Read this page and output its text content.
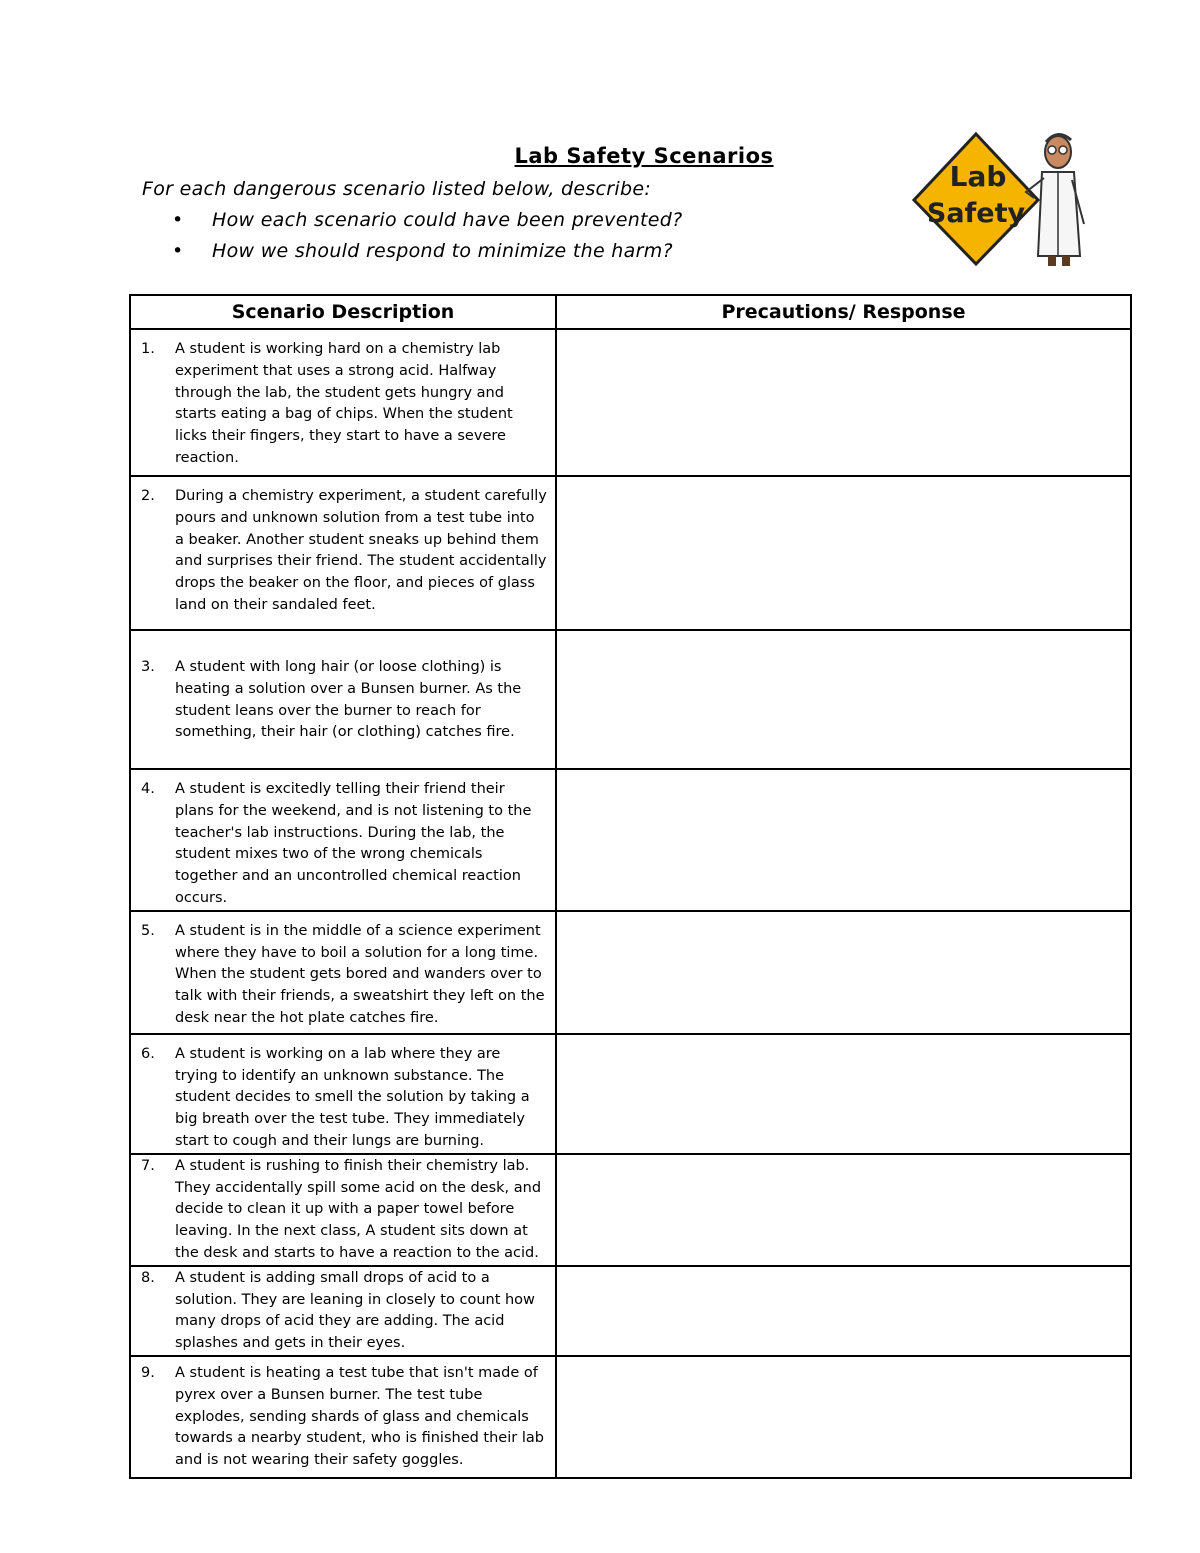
Lab Safety Scenarios
For each dangerous scenario listed below, describe:
• How each scenario could have been prevented?
• How we should respond to minimize the harm?
Lab
Safety
Scenario Description	Precautions/ Response

1. A student is working hard on a chemistry lab experiment that uses a strong acid. Halfway through the lab, the student gets hungry and starts eating a bag of chips. When the student licks their fingers, they start to have a severe reaction.	

2. During a chemistry experiment, a student carefully pours and unknown solution from a test tube into a beaker. Another student sneaks up behind them and surprises their friend. The student accidentally drops the beaker on the floor, and pieces of glass land on their sandaled feet.	

3. A student with long hair (or loose clothing) is heating a solution over a Bunsen burner. As the student leans over the burner to reach for something, their hair (or clothing) catches fire.	

4. A student is excitedly telling their friend their plans for the weekend, and is not listening to the teacher's lab instructions. During the lab, the student mixes two of the wrong chemicals together and an uncontrolled chemical reaction occurs.	

5. A student is in the middle of a science experiment where they have to boil a solution for a long time. When the student gets bored and wanders over to talk with their friends, a sweatshirt they left on the desk near the hot plate catches fire.	

6. A student is working on a lab where they are trying to identify an unknown substance. The student decides to smell the solution by taking a big breath over the test tube. They immediately start to cough and their lungs are burning.	

7. A student is rushing to finish their chemistry lab. They accidentally spill some acid on the desk, and decide to clean it up with a paper towel before leaving. In the next class, A student sits down at the desk and starts to have a reaction to the acid.	

8. A student is adding small drops of acid to a solution. They are leaning in closely to count how many drops of acid they are adding. The acid splashes and gets in their eyes.	

9. A student is heating a test tube that isn't made of pyrex over a Bunsen burner. The test tube explodes, sending shards of glass and chemicals towards a nearby student, who is finished their lab and is not wearing their safety goggles.	
